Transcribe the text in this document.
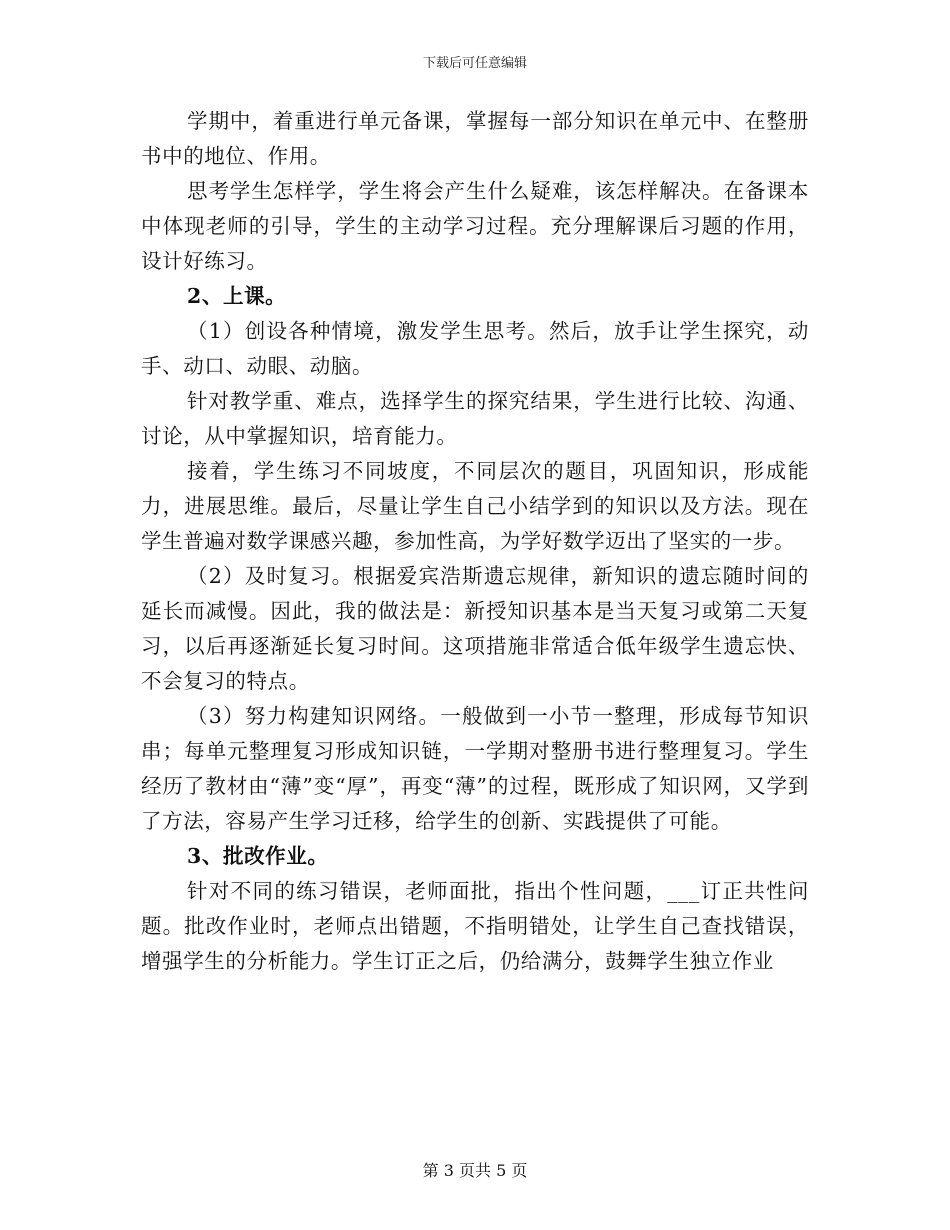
下载后可任意编辑

学期中，着重进行单元备课，掌握每一部分知识在单元中、在整册书中的地位、作用。

思考学生怎样学，学生将会产生什么疑难，该怎样解决。在备课本中体现老师的引导，学生的主动学习过程。充分理解课后习题的作用，设计好练习。

2、上课。

（1）创设各种情境，激发学生思考。然后，放手让学生探究，动手、动口、动眼、动脑。

针对教学重、难点，选择学生的探究结果，学生进行比较、沟通、讨论，从中掌握知识，培育能力。

接着，学生练习不同坡度，不同层次的题目，巩固知识，形成能力，进展思维。最后，尽量让学生自己小结学到的知识以及方法。现在学生普遍对数学课感兴趣，参加性高，为学好数学迈出了坚实的一步。

（2）及时复习。根据爱宾浩斯遗忘规律，新知识的遗忘随时间的延长而减慢。因此，我的做法是：新授知识基本是当天复习或第二天复习，以后再逐渐延长复习时间。这项措施非常适合低年级学生遗忘快、不会复习的特点。

（3）努力构建知识网络。一般做到一小节一整理，形成每节知识串；每单元整理复习形成知识链，一学期对整册书进行整理复习。学生经历了教材由“薄”变“厚”，再变“薄”的过程，既形成了知识网，又学到了方法，容易产生学习迁移，给学生的创新、实践提供了可能。

3、批改作业。

针对不同的练习错误，老师面批，指出个性问题，___订正共性问题。批改作业时，老师点出错题，不指明错处，让学生自己查找错误，增强学生的分析能力。学生订正之后，仍给满分，鼓舞学生独立作业

第 3 页共 5 页
